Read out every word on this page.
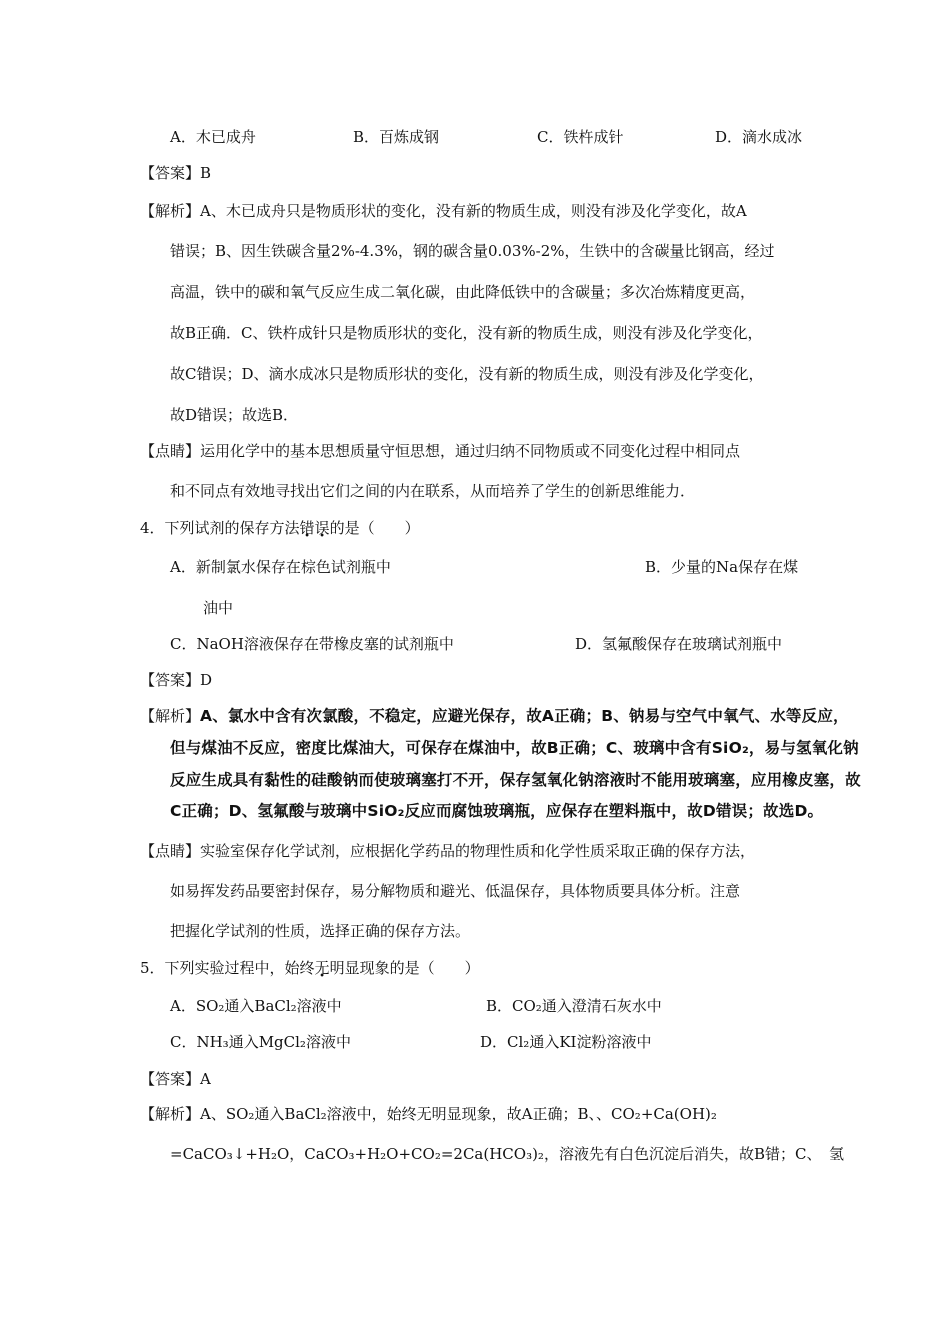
A．木已成舟	B．百炼成钢	C．铁杵成针	D．滴水成冰
【答案】B
【解析】A、木已成舟只是物质形状的变化，没有新的物质生成，则没有涉及化学变化，故A
错误；B、因生铁碳含量2%-4.3%，钢的碳含量0.03%-2%，生铁中的含碳量比钢高，经过
高温，铁中的碳和氧气反应生成二氧化碳，由此降低铁中的含碳量；多次冶炼精度更高，
故B正确．C、铁杵成针只是物质形状的变化，没有新的物质生成，则没有涉及化学变化，
故C错误；D、滴水成冰只是物质形状的变化，没有新的物质生成，则没有涉及化学变化，
故D错误；故选B．
【点睛】运用化学中的基本思想质量守恒思想，通过归纳不同物质或不同变化过程中相同点
和不同点有效地寻找出它们之间的内在联系，从而培养了学生的创新思维能力．
4．下列试剂的保存方法错误的是（　　）
A．新制氯水保存在棕色试剂瓶中	B．少量的Na保存在煤
油中
C．NaOH溶液保存在带橡皮塞的试剂瓶中	D．氢氟酸保存在玻璃试剂瓶中
【答案】D
【解析】A、氯水中含有次氯酸，不稳定，应避光保存，故A正确；B、钠易与空气中氧气、水等反应，
但与煤油不反应，密度比煤油大，可保存在煤油中，故B正确；C、玻璃中含有SiO₂，易与氢氧化钠
反应生成具有黏性的硅酸钠而使玻璃塞打不开，保存氢氧化钠溶液时不能用玻璃塞，应用橡皮塞，故
C正确；D、氢氟酸与玻璃中SiO₂反应而腐蚀玻璃瓶，应保存在塑料瓶中，故D错误；故选D。
【点睛】实验室保存化学试剂，应根据化学药品的物理性质和化学性质采取正确的保存方法，
如易挥发药品要密封保存，易分解物质和避光、低温保存，具体物质要具体分析。注意
把握化学试剂的性质，选择正确的保存方法。
5．下列实验过程中，始终无明显现象的是（　　）
A．SO₂通入BaCl₂溶液中	B．CO₂通入澄清石灰水中
C．NH₃通入MgCl₂溶液中	D．Cl₂通入KI淀粉溶液中
【答案】A
【解析】A、SO₂通入BaCl₂溶液中，始终无明显现象，故A正确；B、、CO₂+Ca(OH)₂
=CaCO₃↓+H₂O，CaCO₃+H₂O+CO₂=2Ca(HCO₃)₂，溶液先有白色沉淀后消失，故B错；C、　氢
